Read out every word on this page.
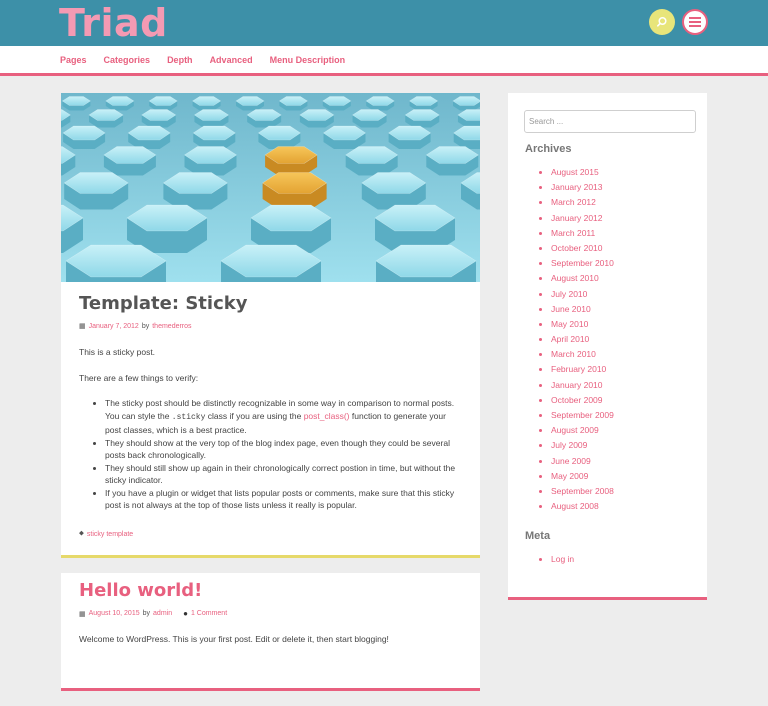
Triad
Pages Categories Depth Advanced Menu Description
Template: Sticky
▦ January 7, 2012 by themederros

This is a sticky post.

There are a few things to verify:

• The sticky post should be distinctly recognizable in some way in comparison to normal posts. You can style the .sticky class if you are using the post_class() function to generate your post classes, which is a best practice.
• They should show at the very top of the blog index page, even though they could be several posts back chronologically.
• They should still show up again in their chronologically correct postion in time, but without the sticky indicator.
• If you have a plugin or widget that lists popular posts or comments, make sure that this sticky post is not always at the top of those lists unless it really is popular.
⬥ sticky template
Hello world!
▦ August 10, 2015 by admin ● 1 Comment

Welcome to WordPress. This is your first post. Edit or delete it, then start blogging!

Search ...
Archives
• August 2015
• January 2013
• March 2012
• January 2012
• March 2011
• October 2010
• September 2010
• August 2010
• July 2010
• June 2010
• May 2010
• April 2010
• March 2010
• February 2010
• January 2010
• October 2009
• September 2009
• August 2009
• July 2009
• June 2009
• May 2009
• September 2008
• August 2008
Meta
• Log in
